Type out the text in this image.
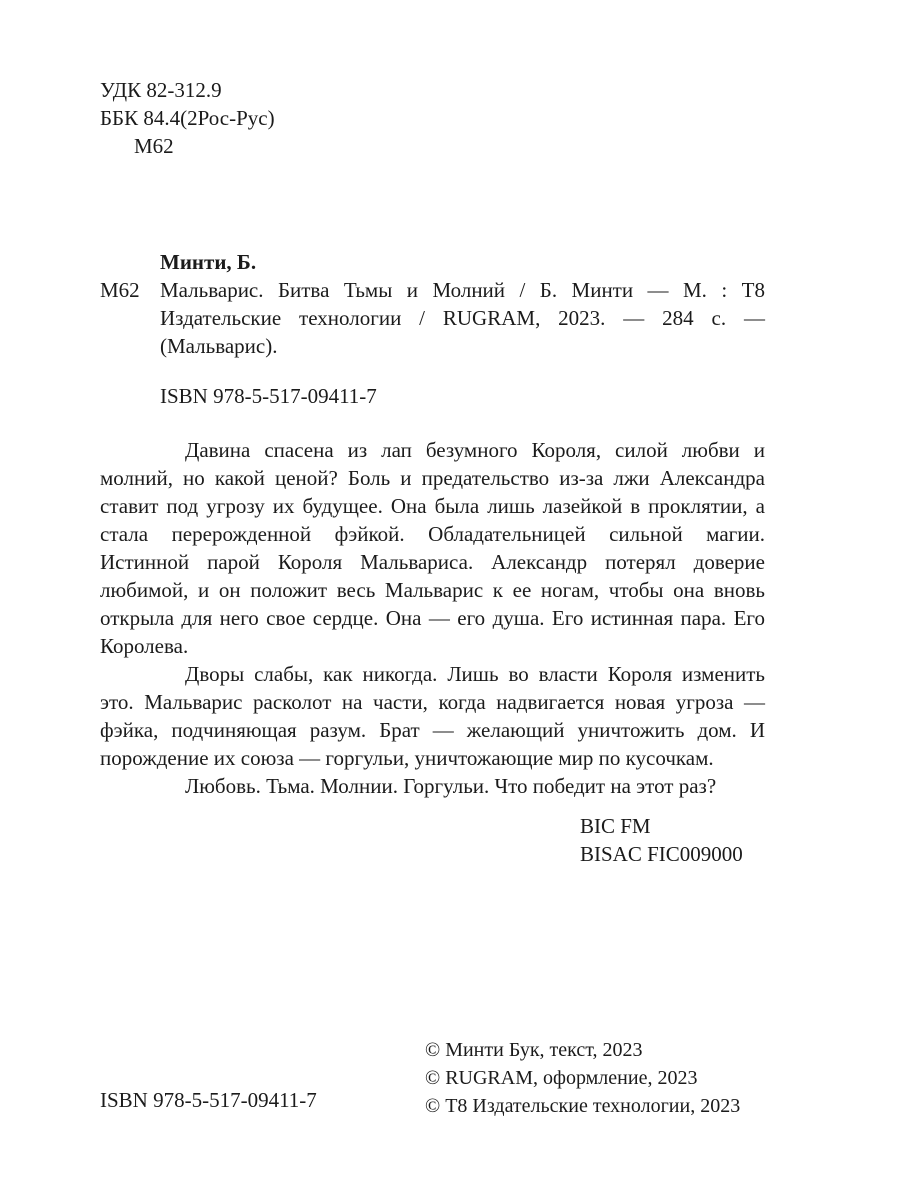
УДК 82-312.9
ББК 84.4(2Рос-Рус)
М62
Минти, Б.
М62 Мальварис. Битва Тьмы и Молний / Б. Минти — М. : Т8 Издательские технологии / RUGRAM, 2023. — 284 с. — (Мальварис).
ISBN 978-5-517-09411-7

Давина спасена из лап безумного Короля, силой любви и молний, но какой ценой? Боль и предательство из-за лжи Александра ставит под угрозу их будущее. Она была лишь лазейкой в проклятии, а стала перерожденной фэйкой. Обладательницей сильной магии. Истинной парой Короля Мальвариса. Александр потерял доверие любимой, и он положит весь Мальварис к ее ногам, чтобы она вновь открыла для него свое сердце. Она — его душа. Его истинная пара. Его Королева.

Дворы слабы, как никогда. Лишь во власти Короля изменить это. Мальварис расколот на части, когда надвигается новая угроза — фэйка, подчиняющая разум. Брат — желающий уничтожить дом. И порождение их союза — горгульи, уничтожающие мир по кусочкам.

Любовь. Тьма. Молнии. Горгульи. Что победит на этот раз?

BIC FM
BISAC FIC009000
ISBN 978-5-517-09411-7
© Минти Бук, текст, 2023
© RUGRAM, оформление, 2023
© Т8 Издательские технологии, 2023
